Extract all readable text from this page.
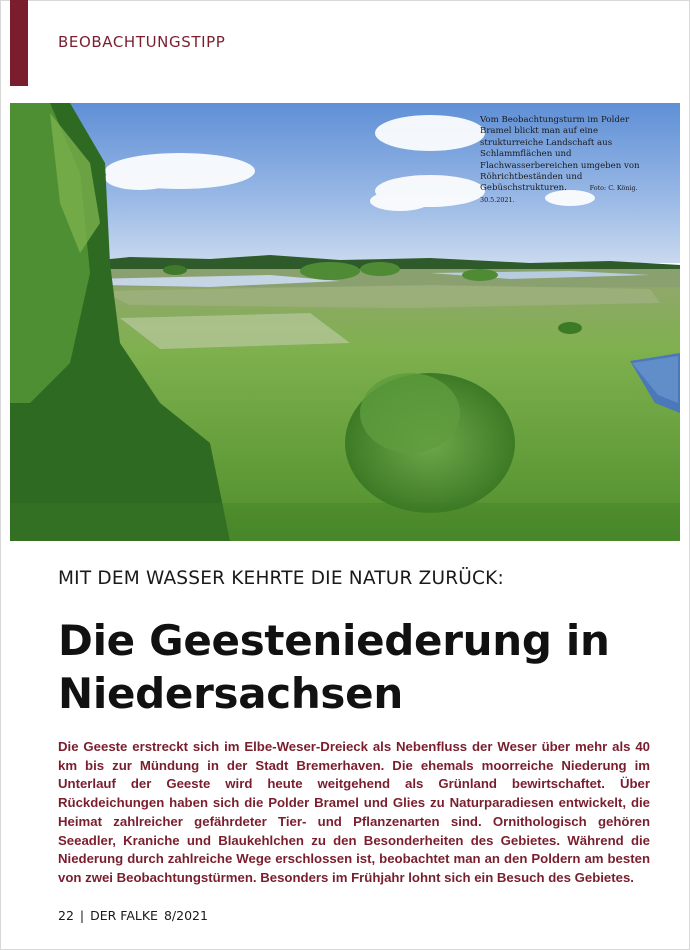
BEOBACHTUNGSTIPP
Vom Beobachtungsturm im Polder Bramel blickt man auf eine strukturreiche Landschaft aus Schlammflächen und Flachwasserbereichen umgeben von Röhrichtbeständen und Gebüschstrukturen.	Foto: C. König. 30.5.2021.
MIT DEM WASSER KEHRTE DIE NATUR ZURÜCK:
Die Geesteniederung in Niedersachsen
Die Geeste erstreckt sich im Elbe-Weser-Dreieck als Nebenfluss der Weser über mehr als 40 km bis zur Mündung in der Stadt Bremerhaven. Die ehemals moorreiche Niederung im Unterlauf der Geeste wird heute weitgehend als Grünland bewirtschaftet. Über Rückdeichungen haben sich die Polder Bramel und Glies zu Naturparadiesen entwickelt, die Heimat zahlreicher gefährdeter Tier- und Pflanzenarten sind. Ornithologisch gehören Seeadler, Kraniche und Blaukehlchen zu den Besonderheiten des Gebietes. Während die Niederung durch zahlreiche Wege erschlossen ist, beobachtet man an den Poldern am besten von zwei Beobachtungstürmen. Besonders im Frühjahr lohnt sich ein Besuch des Gebietes.
22 | DER FALKE 8/2021
